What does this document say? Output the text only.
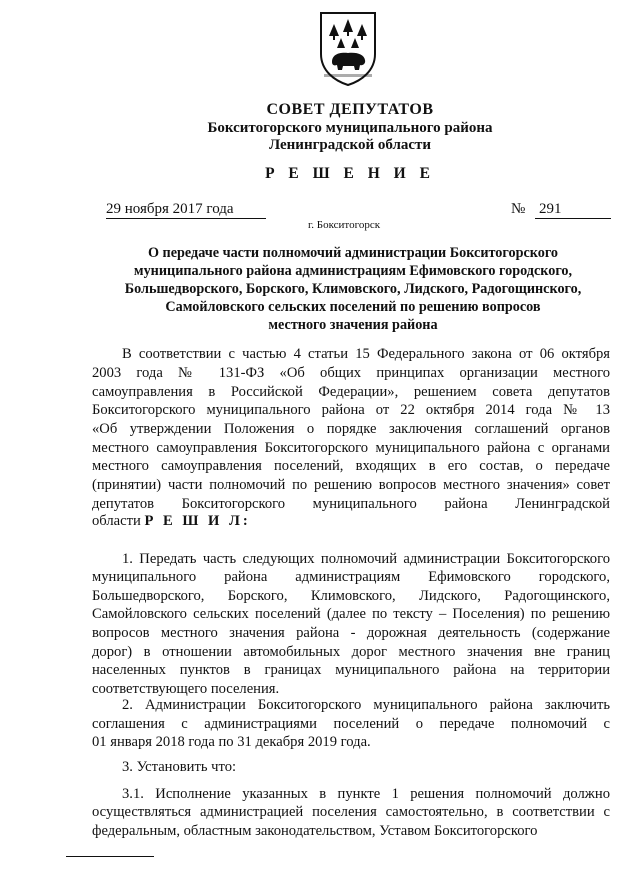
СОВЕТ ДЕПУТАТОВ
Бокситогорского муниципального района
Ленинградской области
Р Е Ш Е Н И Е
29 ноября 2017 года	№ 291
г. Бокситогорск
О передаче части полномочий администрации Бокситогорского
муниципального района администрациям Ефимовского городского,
Большедворского, Борского, Климовского, Лидского, Радогощинского,
Самойловского сельских поселений по решению вопросов
местного значения района
В соответствии с частью 4 статьи 15 Федерального закона от 06 октября
2003 года № 131-ФЗ «Об общих принципах организации местного
самоуправления в Российской Федерации», решением совета депутатов
Бокситогорского муниципального района от 22 октября 2014 года № 13
«Об утверждении Положения о порядке заключения соглашений органов
местного самоуправления Бокситогорского муниципального района с органами
местного самоуправления поселений, входящих в его состав, о передаче
(принятии) части полномочий по решению вопросов местного значения» совет
депутатов Бокситогорского муниципального района Ленинградской
области Р Е Ш И Л:
1. Передать часть следующих полномочий администрации Бокситогорского
муниципального района администрациям Ефимовского городского,
Большедворского, Борского, Климовского, Лидского, Радогощинского,
Самойловского сельских поселений (далее по тексту – Поселения) по решению
вопросов местного значения района - дорожная деятельность (содержание
дорог) в отношении автомобильных дорог местного значения вне границ
населенных пунктов в границах муниципального района на территории
соответствующего поселения.
2. Администрации Бокситогорского муниципального района заключить
соглашения с администрациями поселений о передаче полномочий с
01 января 2018 года по 31 декабря 2019 года.
3. Установить что:
3.1. Исполнение указанных в пункте 1 решения полномочий должно
осуществляться администрацией поселения самостоятельно, в соответствии с
федеральным, областным законодательством, Уставом Бокситогорского
